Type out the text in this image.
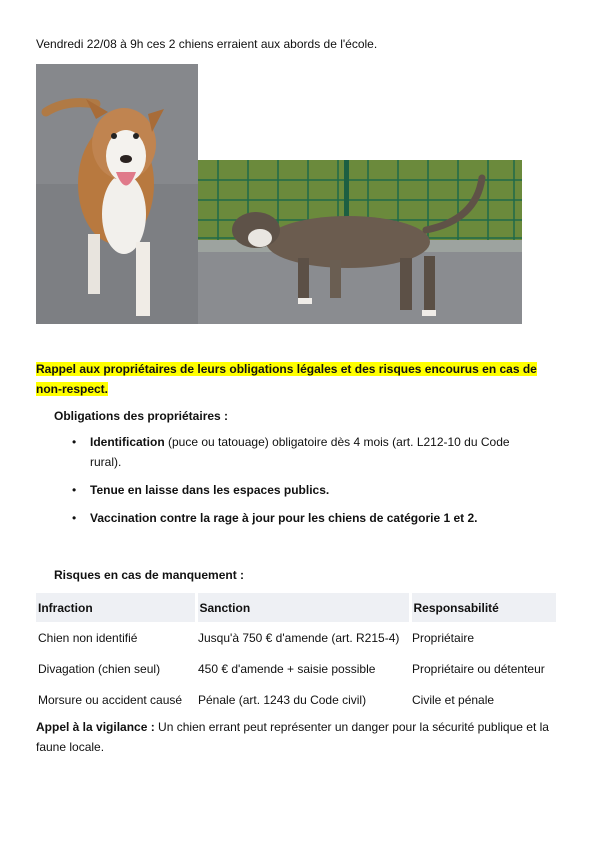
Vendredi 22/08 à 9h ces 2 chiens erraient aux abords de l'école.
Rappel aux propriétaires de leurs obligations légales et des risques encourus en cas de non-respect.
Obligations des propriétaires :
• Identification (puce ou tatouage) obligatoire dès 4 mois (art. L212-10 du Code rural).
• Tenue en laisse dans les espaces publics.
• Vaccination contre la rage à jour pour les chiens de catégorie 1 et 2.
Risques en cas de manquement :
Infraction	Sanction	Responsabilité
Chien non identifié	Jusqu'à 750 € d'amende (art. R215-4)	Propriétaire
Divagation (chien seul)	450 € d'amende + saisie possible	Propriétaire ou détenteur
Morsure ou accident causé	Pénale (art. 1243 du Code civil)	Civile et pénale
Appel à la vigilance : Un chien errant peut représenter un danger pour la sécurité publique et la faune locale.
